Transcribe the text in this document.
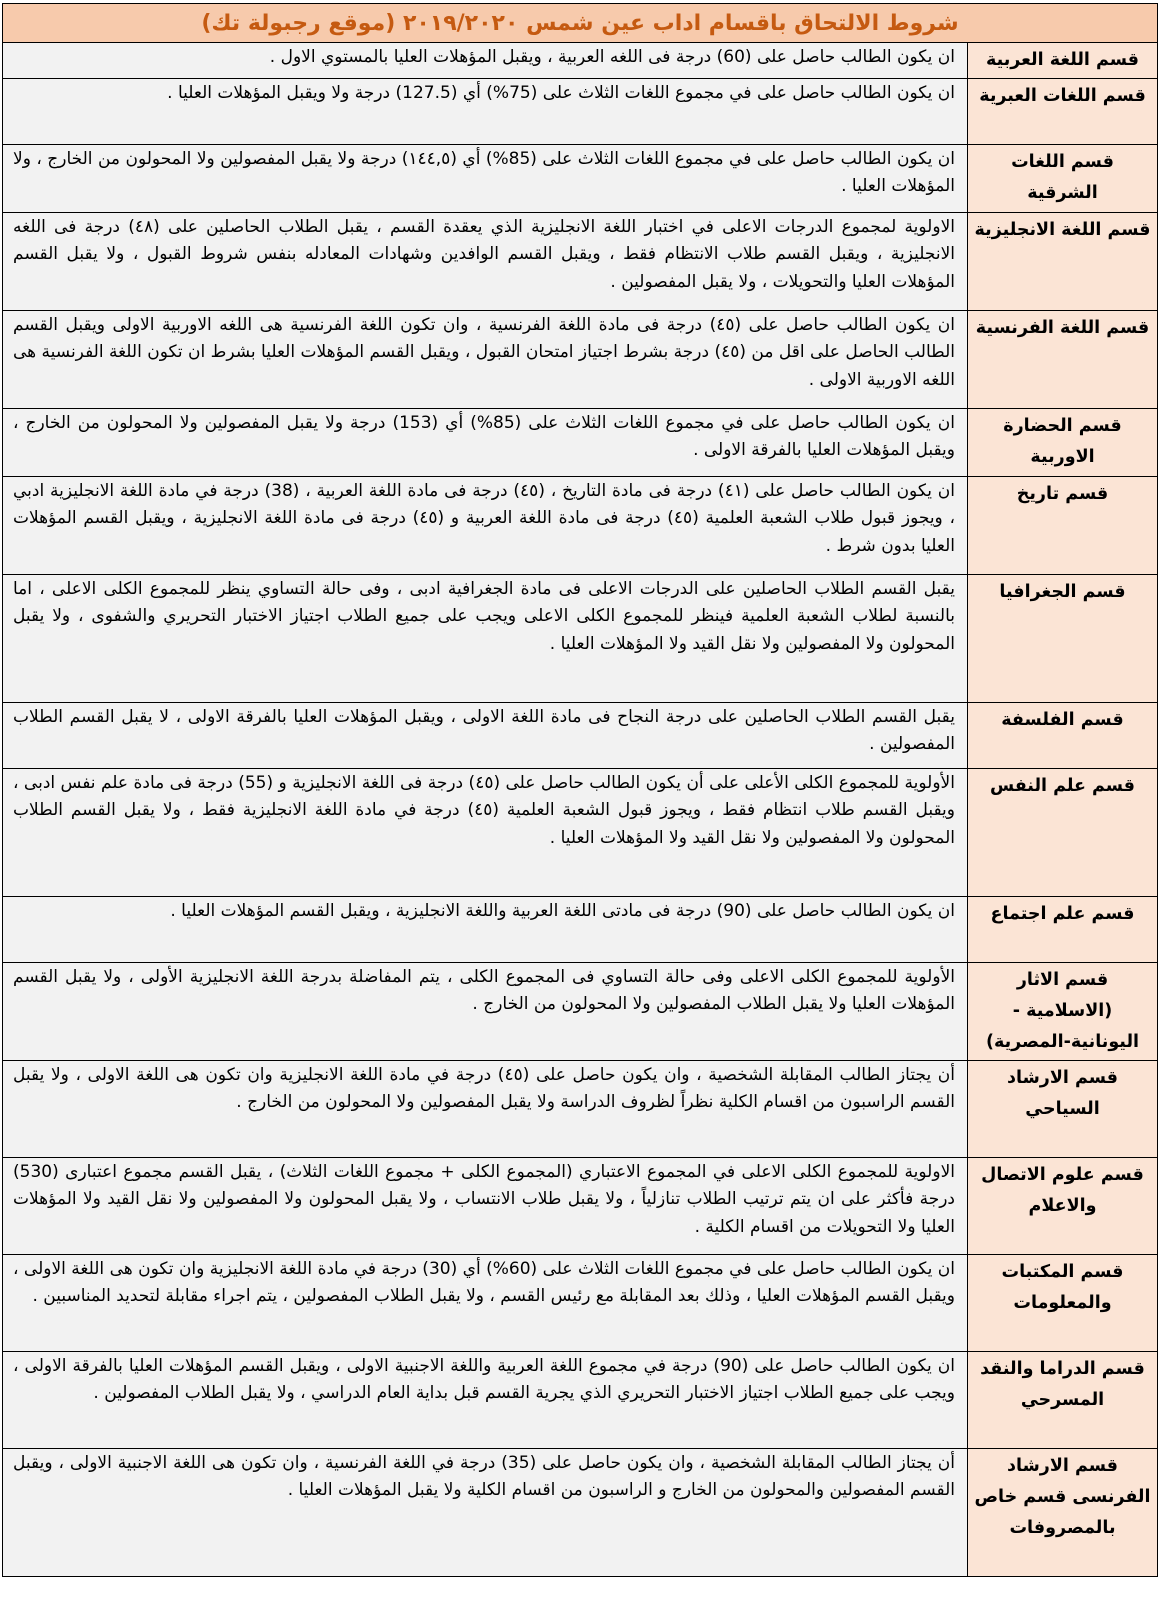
شروط الالتحاق باقسام اداب عين شمس ٢٠١٩/٢٠٢٠ (موقع رجبولة تك)	
قسم اللغة العربية	ان يكون الطالب حاصل على (60) درجة فى اللغه العربية ، ويقبل المؤهلات العليا بالمستوي الاول .
قسم اللغات العبرية	ان يكون الطالب حاصل على في مجموع اللغات الثلاث على (75%) أي (127.5) درجة ولا ويقبل المؤهلات العليا .
قسم اللغات الشرقية	ان يكون الطالب حاصل على في مجموع اللغات الثلاث على (85%) أي (١٤٤,٥) درجة ولا يقبل المفصولين ولا المحولون من الخارج ، ولا المؤهلات العليا .
قسم اللغة الانجليزية	الاولوية لمجموع الدرجات الاعلى في اختبار اللغة الانجليزية الذي يعقدة القسم ، يقبل الطلاب الحاصلين على (٤٨) درجة فى اللغه الانجليزية ، ويقبل القسم طلاب الانتظام فقط ، ويقبل القسم الوافدين وشهادات المعادله بنفس شروط القبول ، ولا يقبل القسم المؤهلات العليا والتحويلات ، ولا يقبل المفصولين .
قسم اللغة الفرنسية	ان يكون الطالب حاصل على (٤٥) درجة فى مادة اللغة الفرنسية ، وان تكون اللغة الفرنسية هى اللغه الاوربية الاولى ويقبل القسم الطالب الحاصل على اقل من (٤٥) درجة بشرط اجتياز امتحان القبول ، ويقبل القسم المؤهلات العليا بشرط ان تكون اللغة الفرنسية هى اللغه الاوربية الاولى .
قسم الحضارة الاوربية	ان يكون الطالب حاصل على في مجموع اللغات الثلاث على (85%) أي (153) درجة ولا يقبل المفصولين ولا المحولون من الخارج ، ويقبل المؤهلات العليا بالفرقة الاولى .
قسم تاريخ	ان يكون الطالب حاصل على (٤١) درجة فى مادة التاريخ ، (٤٥) درجة فى مادة اللغة العربية ، (38) درجة في مادة اللغة الانجليزية ادبي ، ويجوز قبول طلاب الشعبة العلمية (٤٥) درجة فى مادة اللغة العربية و (٤٥) درجة فى مادة اللغة الانجليزية ، ويقبل القسم المؤهلات العليا بدون شرط .
قسم الجغرافيا	يقبل القسم الطلاب الحاصلين على الدرجات الاعلى فى مادة الجغرافية ادبى ، وفى حالة التساوي ينظر للمجموع الكلى الاعلى ، اما بالنسبة لطلاب الشعبة العلمية فينظر للمجموع الكلى الاعلى ويجب على جميع الطلاب اجتياز الاختبار التحريري والشفوى ، ولا يقبل المحولون ولا المفصولين ولا نقل القيد ولا المؤهلات العليا .
قسم الفلسفة	يقبل القسم الطلاب الحاصلين على درجة النجاح فى مادة اللغة الاولى ، ويقبل المؤهلات العليا بالفرقة الاولى ، لا يقبل القسم الطلاب المفصولين .
قسم علم النفس	الأولوية للمجموع الكلى الأعلى على أن يكون الطالب حاصل على (٤٥) درجة فى اللغة الانجليزية و (55) درجة فى مادة علم نفس ادبى ، ويقبل القسم طلاب انتظام فقط ، ويجوز قبول الشعبة العلمية (٤٥) درجة في مادة اللغة الانجليزية فقط ، ولا يقبل القسم الطلاب المحولون ولا المفصولين ولا نقل القيد ولا المؤهلات العليا .
قسم علم اجتماع	ان يكون الطالب حاصل على (90) درجة فى مادتى اللغة العربية واللغة الانجليزية ، ويقبل القسم المؤهلات العليا .
قسم الاثار (الاسلامية - اليونانية-المصرية)	الأولوية للمجموع الكلى الاعلى وفى حالة التساوي فى المجموع الكلى ، يتم المفاضلة بدرجة اللغة الانجليزية الأولى ، ولا يقبل القسم المؤهلات العليا ولا يقبل الطلاب المفصولين ولا المحولون من الخارج .
قسم الارشاد السياحي	أن يجتاز الطالب المقابلة الشخصية ، وان يكون حاصل على (٤٥) درجة في مادة اللغة الانجليزية وان تكون هى اللغة الاولى ، ولا يقبل القسم الراسبون من اقسام الكلية نظراً لظروف الدراسة ولا يقبل المفصولين ولا المحولون من الخارج .
قسم علوم الاتصال والاعلام	الاولوية للمجموع الكلى الاعلى في المجموع الاعتباري (المجموع الكلى + مجموع اللغات الثلاث) ، يقبل القسم مجموع اعتبارى (530) درجة فأكثر على ان يتم ترتيب الطلاب تنازلياً ، ولا يقبل طلاب الانتساب ، ولا يقبل المحولون ولا المفصولين ولا نقل القيد ولا المؤهلات العليا ولا التحويلات من اقسام الكلية .
قسم المكتبات والمعلومات	ان يكون الطالب حاصل على في مجموع اللغات الثلاث على (60%) أي (30) درجة في مادة اللغة الانجليزية وان تكون هى اللغة الاولى ، ويقبل القسم المؤهلات العليا ، وذلك بعد المقابلة مع رئيس القسم ، ولا يقبل الطلاب المفصولين ، يتم اجراء مقابلة لتحديد المناسبين .
قسم الدراما والنقد المسرحي	ان يكون الطالب حاصل على (90) درجة في مجموع اللغة العربية واللغة الاجنبية الاولى ، ويقبل القسم المؤهلات العليا بالفرقة الاولى ، ويجب على جميع الطلاب اجتياز الاختبار التحريري الذي يجرية القسم قبل بداية العام الدراسي ، ولا يقبل الطلاب المفصولين .
قسم الارشاد الفرنسى قسم خاص بالمصروفات	أن يجتاز الطالب المقابلة الشخصية ، وان يكون حاصل على (35) درجة في اللغة الفرنسية ، وان تكون هى اللغة الاجنبية الاولى ، ويقبل القسم المفصولين والمحولون من الخارج و الراسبون من اقسام الكلية ولا يقبل المؤهلات العليا .
